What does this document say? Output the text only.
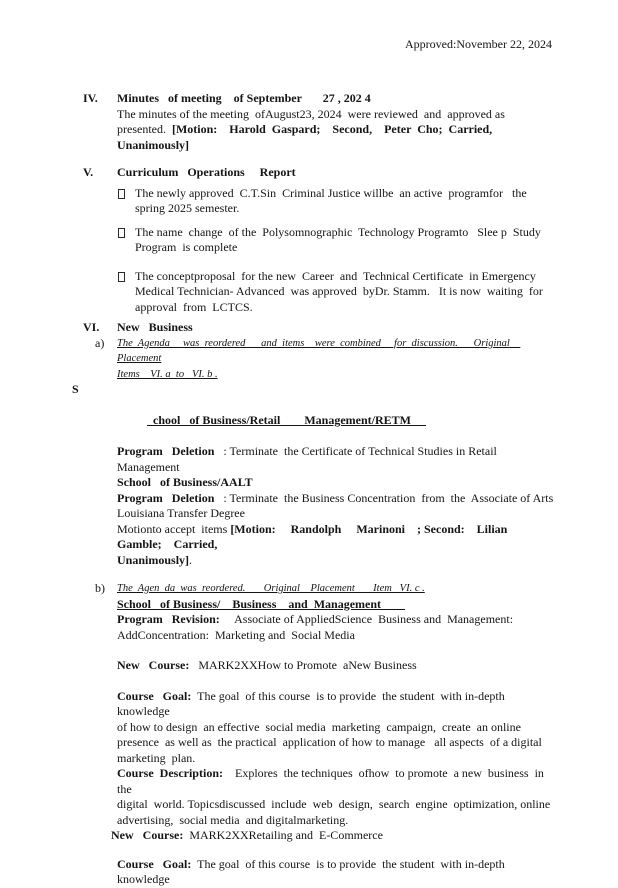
Approved:November 22, 2024
IV.	Minutes   of meeting    of September       27 , 202 4
The minutes of the meeting  ofAugust23, 2024  were reviewed  and  approved as
presented.  [Motion:    Harold  Gaspard;    Second,    Peter  Cho;  Carried,    Unanimously]
V.	Curriculum   Operations     Report
The newly approved  C.T.Sin  Criminal Justice willbe  an active  programfor   the
spring 2025 semester.
The name  change  of the  Polysomnographic  Technology Programto   Slee p  Study
Program  is complete
The conceptproposal  for the new  Career  and  Technical Certificate  in Emergency
Medical Technician- Advanced  was approved  byDr. Stamm.   It is now  waiting  for
approval  from  LCTCS.
VI.	New   Business
a)	The  Agenda     was  reordered      and  items    were  combined     for  discussion.      Original    Placement
Items    VI. a  to   VI. b .

S

chool   of Business/Retail        Management/RETM

Program   Deletion   : Terminate  the Certificate of Technical Studies in Retail Management
School   of Business/AALT
Program   Deletion   : Terminate  the Business Concentration  from  the  Associate of Arts
Louisiana Transfer Degree
Motionto accept  items [Motion:     Randolph     Marinoni    ; Second:    Lilian  Gamble;    Carried,
Unanimously].
b)	The  Agen  da  was  reordered.       Original    Placement       Item   VI. c .
School   of Business/    Business    and  Management
Program   Revision:     Associate of AppliedScience  Business and  Management:
AddConcentration:  Marketing and  Social Media
New   Course:   MARK2XXHow to Promote  aNew Business
Course   Goal:  The goal  of this course  is to provide  the student  with in-depth knowledge
of how to design  an effective  social media  marketing  campaign,  create  an online
presence  as well as  the practical  application of how to manage   all aspects  of a digital
marketing  plan.
Course  Description:    Explores  the techniques  ofhow  to promote  a new  business  in the
digital  world. Topicsdiscussed  include  web  design,  search  engine  optimization, online
advertising,  social media  and digitalmarketing.
New   Course:  MARK2XXRetailing and  E-Commerce
Course   Goal:  The goal  of this course  is to provide  the student  with in-depth knowledge
